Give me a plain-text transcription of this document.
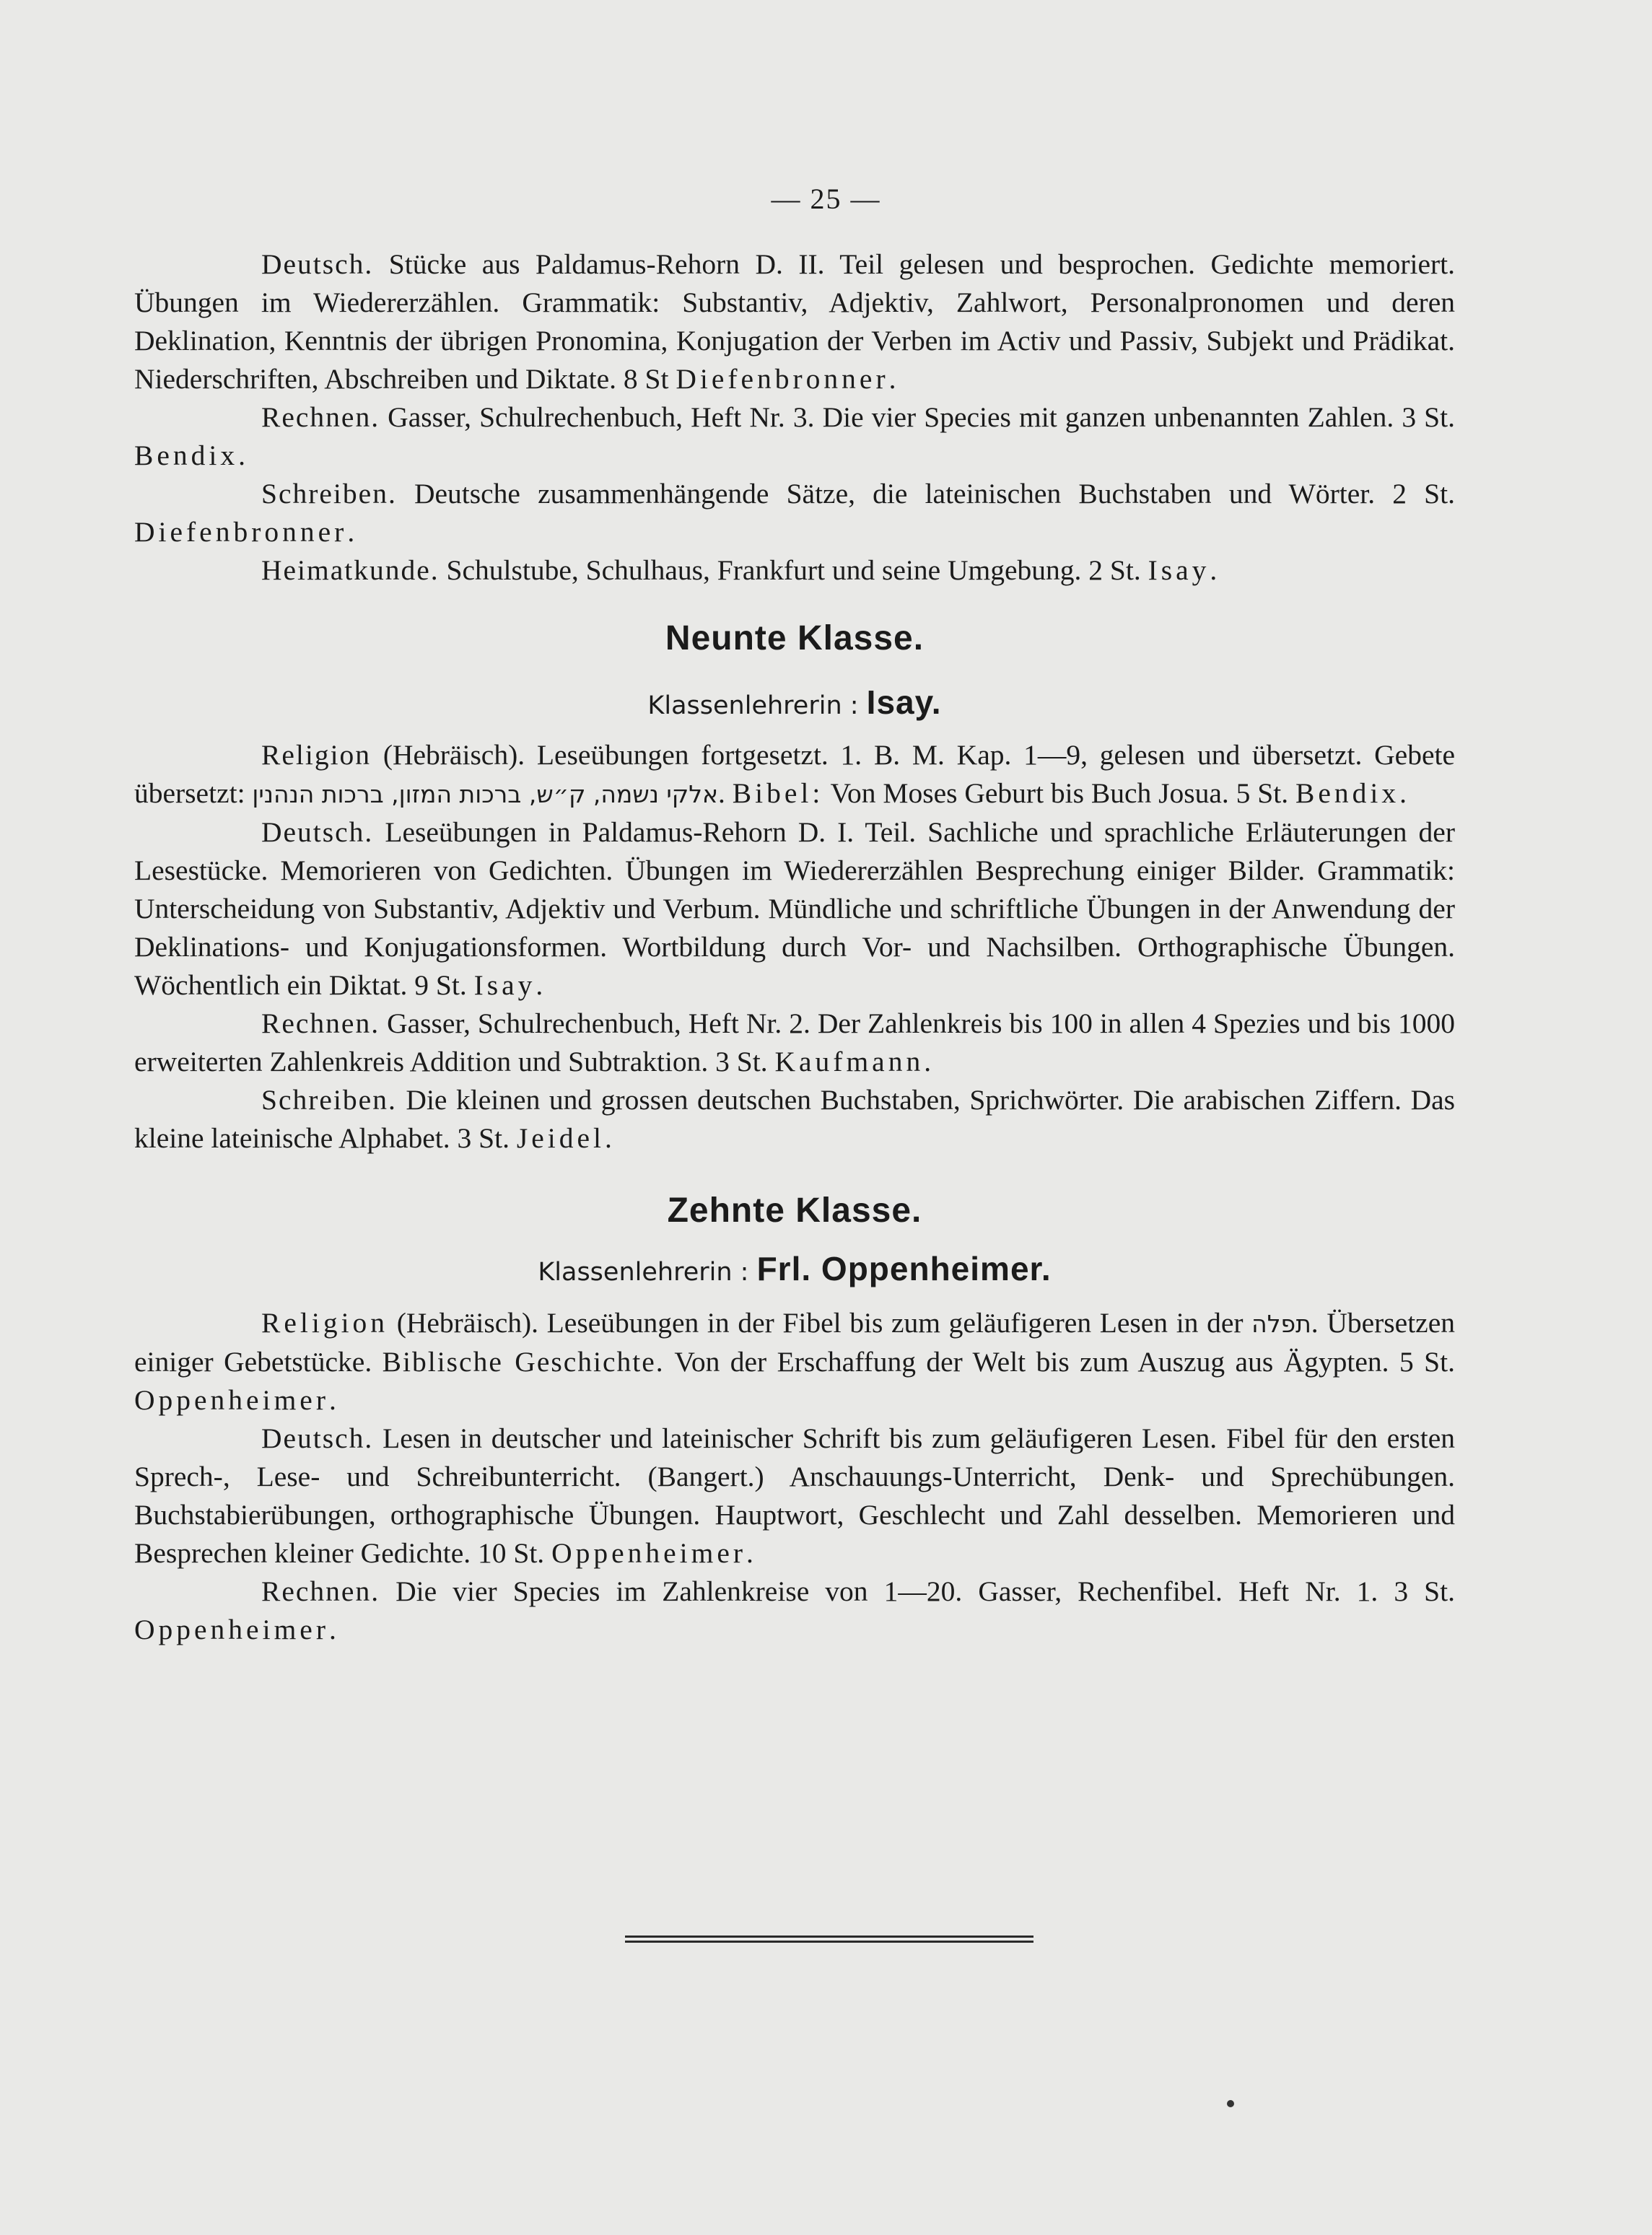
— 25 —

Deutsch. Stücke aus Paldamus-Rehorn D. II. Teil gelesen und besprochen. Gedichte memoriert. Übungen im Wiedererzählen. Grammatik: Substantiv, Adjektiv, Zahlwort, Personalpronomen und deren Deklination, Kenntnis der übrigen Pronomina, Konjugation der Verben im Activ und Passiv, Subjekt und Prädikat. Niederschriften, Abschreiben und Diktate. 8 St Diefenbronner.

Rechnen. Gasser, Schulrechenbuch, Heft Nr. 3. Die vier Species mit ganzen unbenannten Zahlen. 3 St. Bendix.

Schreiben. Deutsche zusammenhängende Sätze, die lateinischen Buchstaben und Wörter. 2 St. Diefenbronner.

Heimatkunde. Schulstube, Schulhaus, Frankfurt und seine Umgebung. 2 St. Isay.

Neunte Klasse.

Klassenlehrerin : Isay.

Religion (Hebräisch). Leseübungen fortgesetzt. 1. B. M. Kap. 1—9, gelesen und übersetzt. Gebete übersetzt: אלקי נשמה, ק״ש, ברכות המזון, ברכות הנהנין. Bibel: Von Moses Geburt bis Buch Josua. 5 St. Bendix.

Deutsch. Leseübungen in Paldamus-Rehorn D. I. Teil. Sachliche und sprachliche Erläuterungen der Lesestücke. Memorieren von Gedichten. Übungen im Wiedererzählen Besprechung einiger Bilder. Grammatik: Unterscheidung von Substantiv, Adjektiv und Verbum. Mündliche und schriftliche Übungen in der Anwendung der Deklinations- und Konjugationsformen. Wortbildung durch Vor- und Nachsilben. Orthographische Übungen. Wöchentlich ein Diktat. 9 St. Isay.

Rechnen. Gasser, Schulrechenbuch, Heft Nr. 2. Der Zahlenkreis bis 100 in allen 4 Spezies und bis 1000 erweiterten Zahlenkreis Addition und Subtraktion. 3 St. Kaufmann.

Schreiben. Die kleinen und grossen deutschen Buchstaben, Sprichwörter. Die arabischen Ziffern. Das kleine lateinische Alphabet. 3 St. Jeidel.

Zehnte Klasse.

Klassenlehrerin : Frl. Oppenheimer.

Religion (Hebräisch). Leseübungen in der Fibel bis zum geläufigeren Lesen in der תפלה. Übersetzen einiger Gebetstücke. Biblische Geschichte. Von der Erschaffung der Welt bis zum Auszug aus Ägypten. 5 St. Oppenheimer.

Deutsch. Lesen in deutscher und lateinischer Schrift bis zum geläufigeren Lesen. Fibel für den ersten Sprech-, Lese- und Schreibunterricht. (Bangert.) Anschauungs-Unterricht, Denk- und Sprechübungen. Buchstabierübungen, orthographische Übungen. Hauptwort, Geschlecht und Zahl desselben. Memorieren und Besprechen kleiner Gedichte. 10 St. Oppenheimer.

Rechnen. Die vier Species im Zahlenkreise von 1—20. Gasser, Rechenfibel. Heft Nr. 1. 3 St. Oppenheimer.
